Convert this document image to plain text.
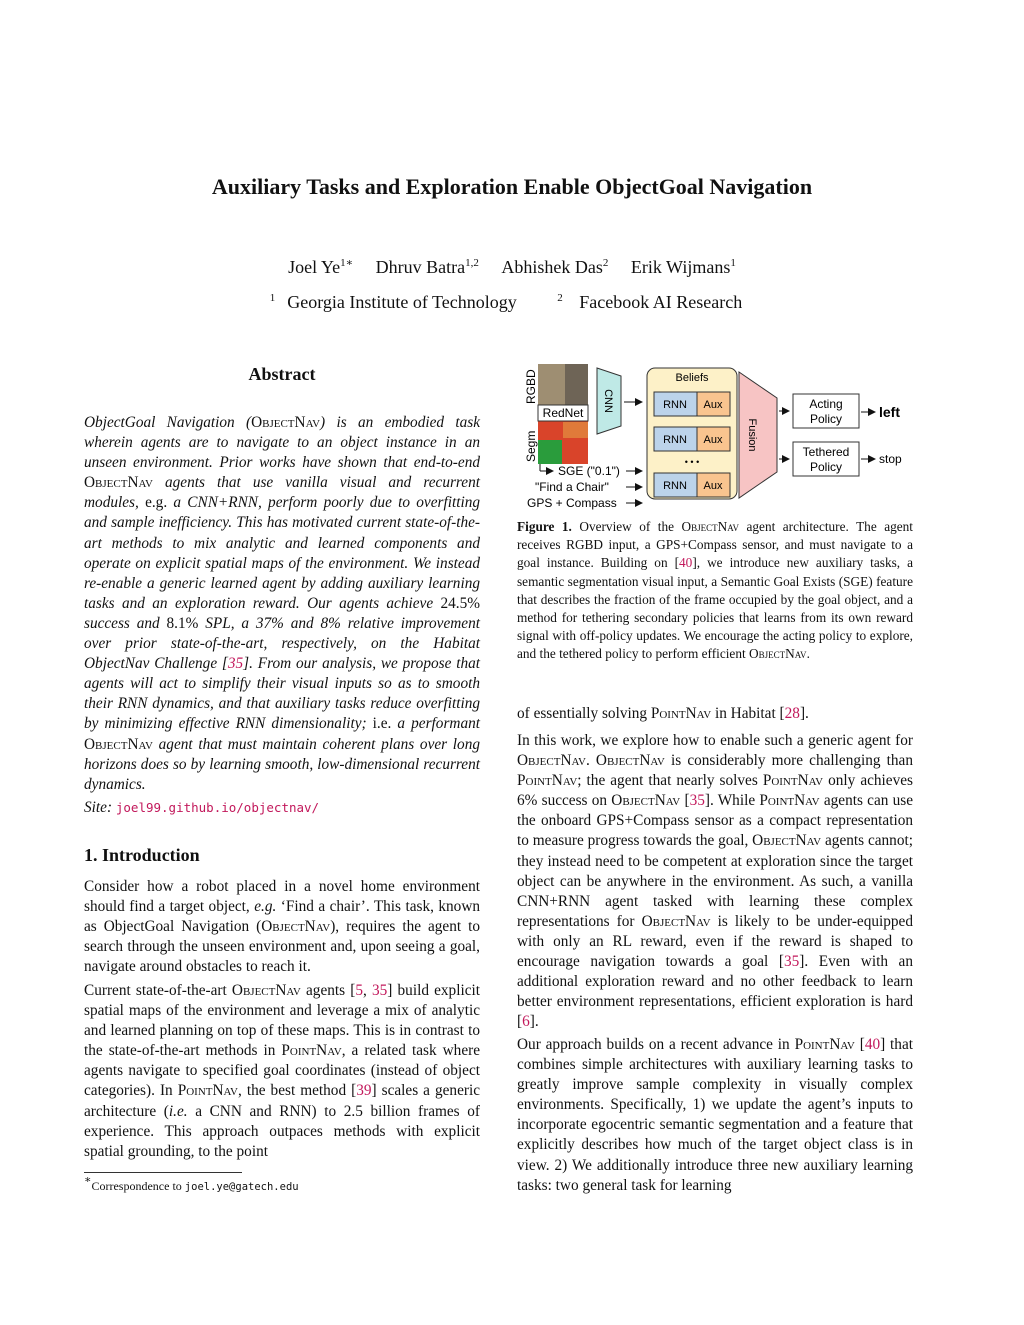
Auxiliary Tasks and Exploration Enable ObjectGoal Navigation
Joel $Ye^{1∗}$ Dhruv Batra$^{1,2}$ Abhishek Das$^2$ Erik Wijmans$^1$
$^1$ Georgia Institute of Technology	$^2$ Facebook AI Research
Abstract
ObjectGoal Navigation (ObjectNav) is an embodied task wherein agents are to navigate to an object instance in an unseen environment. Prior works have shown that end-to-end ObjectNav agents that use vanilla visual and recurrent modules, e.g. a CNN+RNN, perform poorly due to overfitting and sample inefficiency. This has motivated current state-of-the-art methods to mix analytic and learned components and operate on explicit spatial maps of the environment. We instead re-enable a generic learned agent by adding auxiliary learning tasks and an exploration reward. Our agents achieve 24.5% success and 8.1% SPL, a 37% and 8% relative improvement over prior state-of-the-art, respectively, on the Habitat ObjectNav Challenge [35]. From our analysis, we propose that agents will act to simplify their visual inputs so as to smooth their RNN dynamics, and that auxiliary tasks reduce overfitting by minimizing effective RNN dimensionality; i.e. a performant ObjectNav agent that must maintain coherent plans over long horizons does so by learning smooth, low-dimensional recurrent dynamics.
Site: joel99.github.io/objectnav/
1. Introduction
Consider how a robot placed in a novel home environment should find a target object, e.g. ‘Find a chair’. This task, known as ObjectGoal Navigation (ObjectNav), requires the agent to search through the unseen environment and, upon seeing a goal, navigate around obstacles to reach it.
Current state-of-the-art ObjectNav agents [5, 35] build explicit spatial maps of the environment and leverage a mix of analytic and learned planning on top of these maps. This is in contrast to the state-of-the-art methods in PointNav, a related task where agents navigate to specified goal coordinates (instead of object categories). In PointNav, the best method [39] scales a generic architecture (i.e. a CNN and RNN) to 2.5 billion frames of experience. This approach outpaces methods with explicit spatial grounding, to the point
∗Correspondence to joel.ye@gatech.edu
RGBD
Segm
RedNet
CNN
Beliefs
RNN Aux
RNN Aux
• • •
RNN Aux
Fusion
Acting
Policy
Tethered
Policy
left
stop
SGE ("0.1")
"Find a Chair"
GPS + Compass
Figure 1. Overview of the ObjectNav agent architecture. The agent receives RGBD input, a GPS+Compass sensor, and must navigate to a goal instance. Building on [40], we introduce new auxiliary tasks, a semantic segmentation visual input, a Semantic Goal Exists (SGE) feature that describes the fraction of the frame occupied by the goal object, and a method for tethering secondary policies that learns from its own reward signal with off-policy updates. We encourage the acting policy to explore, and the tethered policy to perform efficient ObjectNav.
of essentially solving PointNav in Habitat [28].
In this work, we explore how to enable such a generic agent for ObjectNav. ObjectNav is considerably more challenging than PointNav; the agent that nearly solves PointNav only achieves 6% success on ObjectNav [35]. While PointNav agents can use the onboard GPS+Compass sensor as a compact representation to measure progress towards the goal, ObjectNav agents cannot; they instead need to be competent at exploration since the target object can be anywhere in the environment. As such, a vanilla CNN+RNN agent tasked with learning these complex representations for ObjectNav is likely to be under-equipped with only an RL reward, even if the reward is shaped to encourage navigation towards a goal [35]. Even with an additional exploration reward and no other feedback to learn better environment representations, efficient exploration is hard [6].
Our approach builds on a recent advance in PointNav [40] that combines simple architectures with auxiliary learning tasks to greatly improve sample complexity in visually complex environments. Specifically, 1) we update the agent’s inputs to incorporate egocentric semantic segmentation and a feature that explicitly describes how much of the target object class is in view. 2) We additionally introduce three new auxiliary learning tasks: two general task for learning
